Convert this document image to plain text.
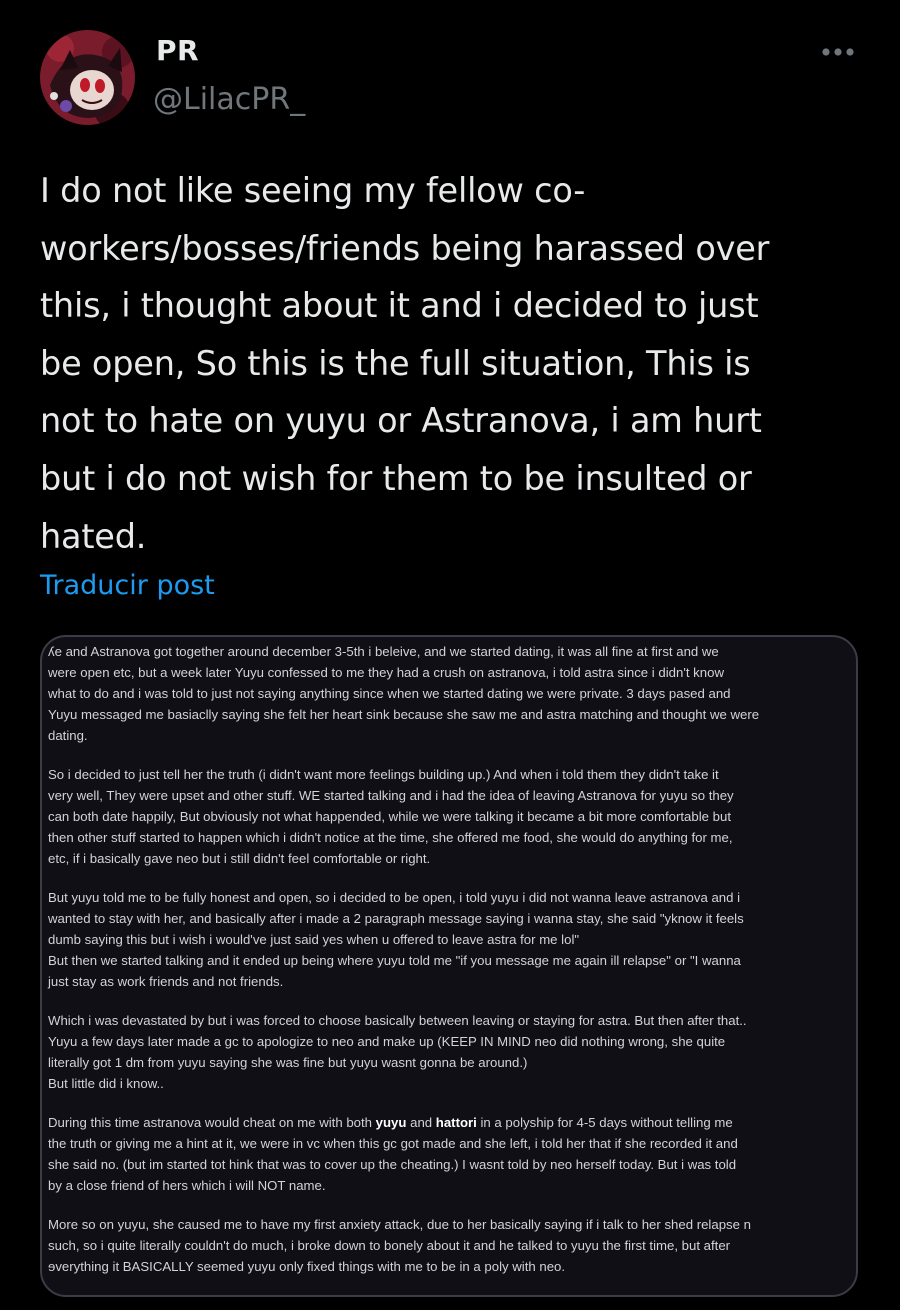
PR
@LilacPR_
I do not like seeing my fellow co-
workers/bosses/friends being harassed over
this, i thought about it and i decided to just
be open, So this is the full situation, This is
not to hate on yuyu or Astranova, i am hurt
but i do not wish for them to be insulted or
hated.
Traducir post

ʎe and Astranova got together around december 3-5th i beleive, and we started dating, it was all fine at first and we
were open etc, but a week later Yuyu confessed to me they had a crush on astranova, i told astra since i didn't know
what to do and i was told to just not saying anything since when we started dating we were private. 3 days pased and
Yuyu messaged me basiaclly saying she felt her heart sink because she saw me and astra matching and thought we were
dating.

So i decided to just tell her the truth (i didn't want more feelings building up.) And when i told them they didn't take it
very well, They were upset and other stuff. WE started talking and i had the idea of leaving Astranova for yuyu so they
can both date happily, But obviously not what happended, while we were talking it became a bit more comfortable but
then other stuff started to happen which i didn't notice at the time, she offered me food, she would do anything for me,
etc, if i basically gave neo but i still didn't feel comfortable or right.

But yuyu told me to be fully honest and open, so i decided to be open, i told yuyu i did not wanna leave astranova and i
wanted to stay with her, and basically after i made a 2 paragraph message saying i wanna stay, she said "yknow it feels
dumb saying this but i wish i would've just said yes when u offered to leave astra for me lol"
But then we started talking and it ended up being where yuyu told me "if you message me again ill relapse" or "I wanna
just stay as work friends and not friends.

Which i was devastated by but i was forced to choose basically between leaving or staying for astra. But then after that..
Yuyu a few days later made a gc to apologize to neo and make up (KEEP IN MIND neo did nothing wrong, she quite
literally got 1 dm from yuyu saying she was fine but yuyu wasnt gonna be around.)
But little did i know..

During this time astranova would cheat on me with both yuyu and hattori in a polyship for 4-5 days without telling me
the truth or giving me a hint at it, we were in vc when this gc got made and she left, i told her that if she recorded it and
she said no. (but im started tot hink that was to cover up the cheating.) I wasnt told by neo herself today. But i was told
by a close friend of hers which i will NOT name.

More so on yuyu, she caused me to have my first anxiety attack, due to her basically saying if i talk to her shed relapse n
such, so i quite literally couldn't do much, i broke down to bonely about it and he talked to yuyu the first time, but after
ɘverything it BASICALLY seemed yuyu only fixed things with me to be in a poly with neo.
